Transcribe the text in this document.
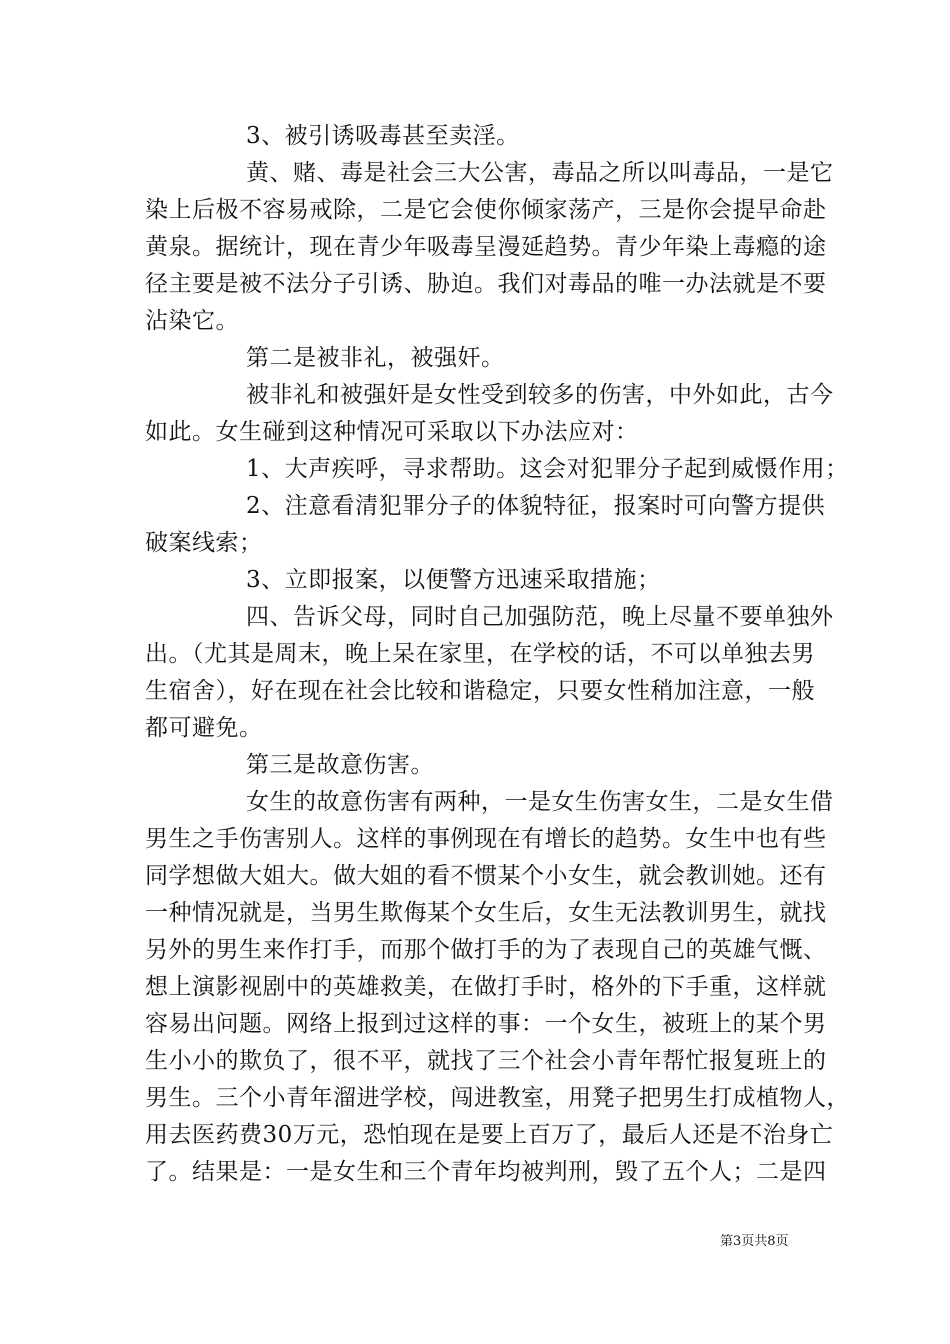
3、被引诱吸毒甚至卖淫。
黄、赌、毒是社会三大公害，毒品之所以叫毒品，一是它
染上后极不容易戒除，二是它会使你倾家荡产，三是你会提早命赴
黄泉。据统计，现在青少年吸毒呈漫延趋势。青少年染上毒瘾的途
径主要是被不法分子引诱、胁迫。我们对毒品的唯一办法就是不要
沾染它。
第二是被非礼，被强奸。
被非礼和被强奸是女性受到较多的伤害，中外如此，古今
如此。女生碰到这种情况可采取以下办法应对：
1、大声疾呼，寻求帮助。这会对犯罪分子起到威慑作用；
2、注意看清犯罪分子的体貌特征，报案时可向警方提供
破案线索；
3、立即报案，以便警方迅速采取措施；
四、告诉父母，同时自己加强防范，晚上尽量不要单独外
出。（尤其是周末，晚上呆在家里，在学校的话，不可以单独去男
生宿舍），好在现在社会比较和谐稳定，只要女性稍加注意，一般
都可避免。
第三是故意伤害。
女生的故意伤害有两种，一是女生伤害女生，二是女生借
男生之手伤害别人。这样的事例现在有增长的趋势。女生中也有些
同学想做大姐大。做大姐的看不惯某个小女生，就会教训她。还有
一种情况就是，当男生欺侮某个女生后，女生无法教训男生，就找
另外的男生来作打手，而那个做打手的为了表现自己的英雄气慨、
想上演影视剧中的英雄救美，在做打手时，格外的下手重，这样就
容易出问题。网络上报到过这样的事：一个女生，被班上的某个男
生小小的欺负了，很不平，就找了三个社会小青年帮忙报复班上的
男生。三个小青年溜进学校，闯进教室，用凳子把男生打成植物人，
用去医药费30万元，恐怕现在是要上百万了，最后人还是不治身亡
了。结果是：一是女生和三个青年均被判刑，毁了五个人；二是四
第3页共8页
